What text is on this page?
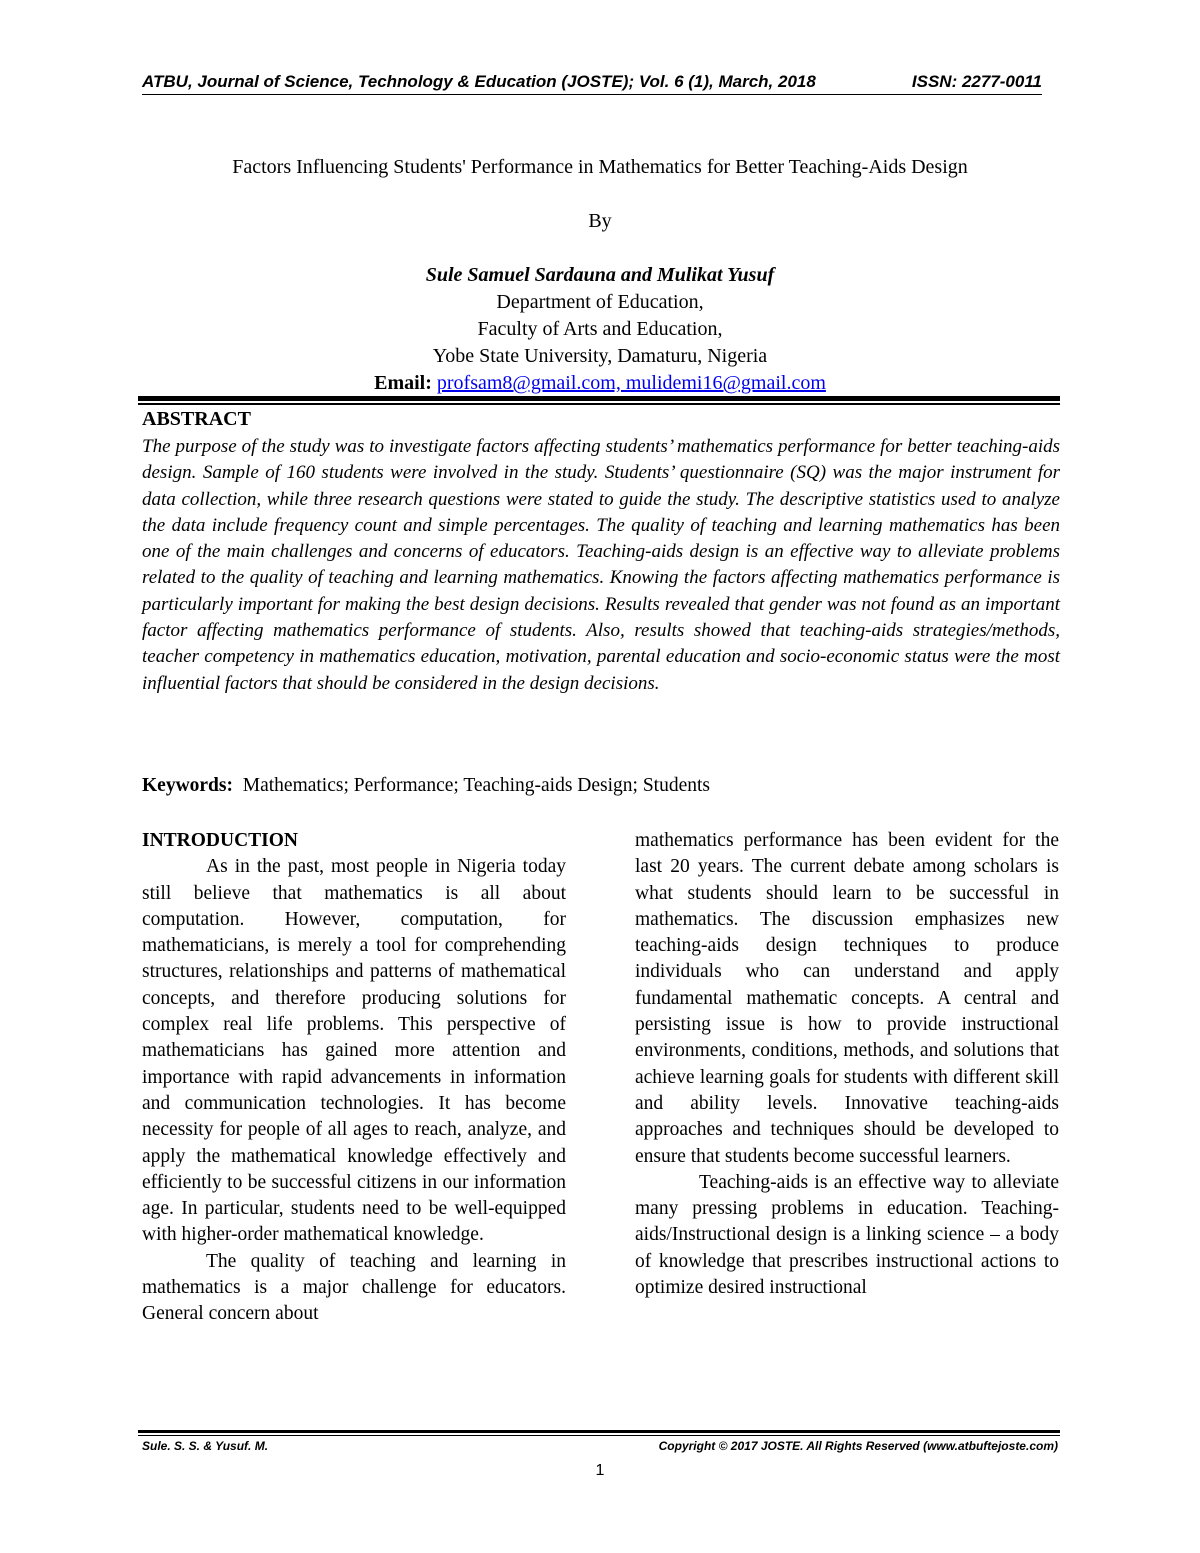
ATBU, Journal of Science, Technology & Education (JOSTE); Vol. 6 (1), March, 2018	ISSN: 2277-0011
Factors Influencing Students' Performance in Mathematics for Better Teaching-Aids Design
By
Sule Samuel Sardauna and Mulikat Yusuf
Department of Education,
Faculty of Arts and Education,
Yobe State University, Damaturu, Nigeria
Email: profsam8@gmail.com, mulidemi16@gmail.com
ABSTRACT
The purpose of the study was to investigate factors affecting students’ mathematics performance for better teaching-aids design. Sample of 160 students were involved in the study. Students’ questionnaire (SQ) was the major instrument for data collection, while three research questions were stated to guide the study. The descriptive statistics used to analyze the data include frequency count and simple percentages. The quality of teaching and learning mathematics has been one of the main challenges and concerns of educators. Teaching-aids design is an effective way to alleviate problems related to the quality of teaching and learning mathematics. Knowing the factors affecting mathematics performance is particularly important for making the best design decisions. Results revealed that gender was not found as an important factor affecting mathematics performance of students. Also, results showed that teaching-aids strategies/methods, teacher competency in mathematics education, motivation, parental education and socio-economic status were the most influential factors that should be considered in the design decisions.
Keywords: Mathematics; Performance; Teaching-aids Design; Students

INTRODUCTION

As in the past, most people in Nigeria today still believe that mathematics is all about computation. However, computation, for mathematicians, is merely a tool for comprehending structures, relationships and patterns of mathematical concepts, and therefore producing solutions for complex real life problems. This perspective of mathematicians has gained more attention and importance with rapid advancements in information and communication technologies. It has become necessity for people of all ages to reach, analyze, and apply the mathematical knowledge effectively and efficiently to be successful citizens in our information age. In particular, students need to be well-equipped with higher-order mathematical knowledge.

The quality of teaching and learning in mathematics is a major challenge for educators. General concern about

mathematics performance has been evident for the last 20 years. The current debate among scholars is what students should learn to be successful in mathematics. The discussion emphasizes new teaching-aids design techniques to produce individuals who can understand and apply fundamental mathematic concepts. A central and persisting issue is how to provide instructional environments, conditions, methods, and solutions that achieve learning goals for students with different skill and ability levels. Innovative teaching-aids approaches and techniques should be developed to ensure that students become successful learners.

Teaching-aids is an effective way to alleviate many pressing problems in education. Teaching-aids/Instructional design is a linking science – a body of knowledge that prescribes instructional actions to optimize desired instructional

Sule. S. S. & Yusuf. M.	Copyright © 2017 JOSTE. All Rights Reserved (www.atbuftejoste.com)
1
